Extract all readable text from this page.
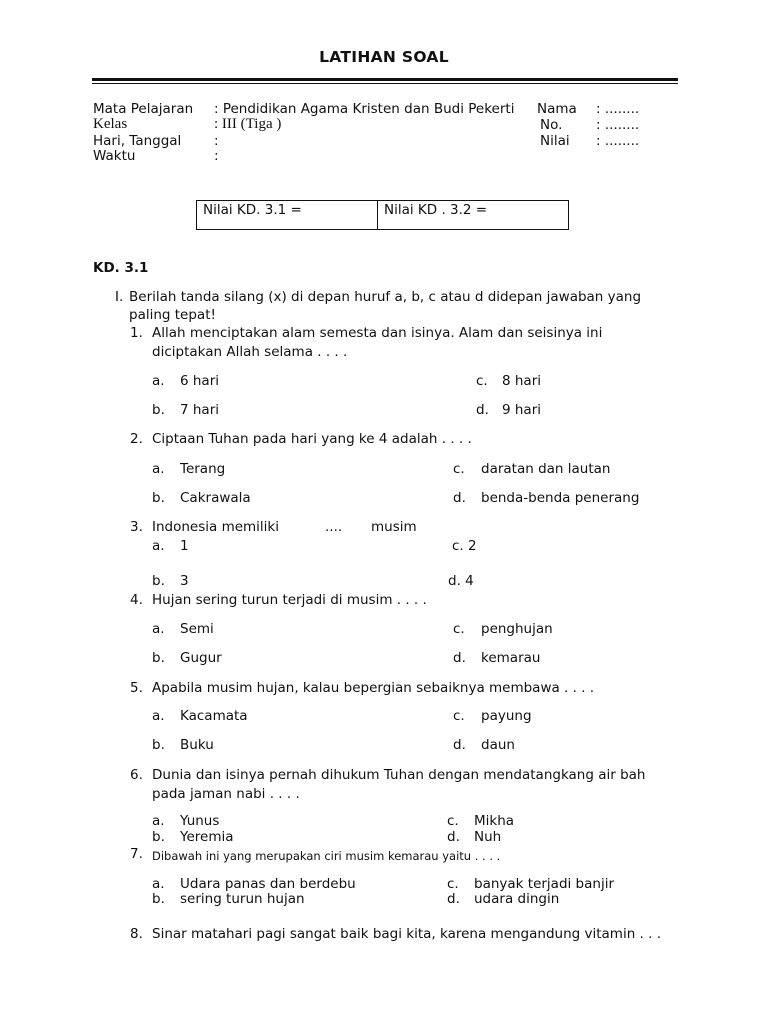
LATIHAN SOAL
Mata Pelajaran : Pendidikan Agama Kristen dan Budi Pekerti
Kelas	: III (Tiga )
Hari, Tanggal :
Waktu	:
Nama : ........
No. : ........
Nilai : ........
Nilai KD. 3.1 =	Nilai KD . 3.2 =
KD. 3.1
I. Berilah tanda silang (x) di depan huruf a, b, c atau d didepan jawaban yang
paling tepat!
1. Allah menciptakan alam semesta dan isinya. Alam dan seisinya ini
diciptakan Allah selama . . . .
a. 6 hari	c. 8 hari
b. 7 hari	d. 9 hari
2. Ciptaan Tuhan pada hari yang ke 4 adalah . . . .
a. Terang	c. daratan dan lautan
b. Cakrawala	d. benda-benda penerang
3. Indonesia memiliki	.... musim
a. 1	c. 2
b. 3	d. 4
4. Hujan sering turun terjadi di musim . . . .
a. Semi	c. penghujan
b. Gugur	d. kemarau
5. Apabila musim hujan, kalau bepergian sebaiknya membawa . . . .
a. Kacamata	c. payung
b. Buku	d. daun
6. Dunia dan isinya pernah dihukum Tuhan dengan mendatangkang air bah
pada jaman nabi . . . .
a. Yunus	c. Mikha
b. Yeremia	d. Nuh
7. Dibawah ini yang merupakan ciri musim kemarau yaitu . . . .
a. Udara panas dan berdebu	c. banyak terjadi banjir
b. sering turun hujan	d. udara dingin
8. Sinar matahari pagi sangat baik bagi kita, karena mengandung vitamin . . .
